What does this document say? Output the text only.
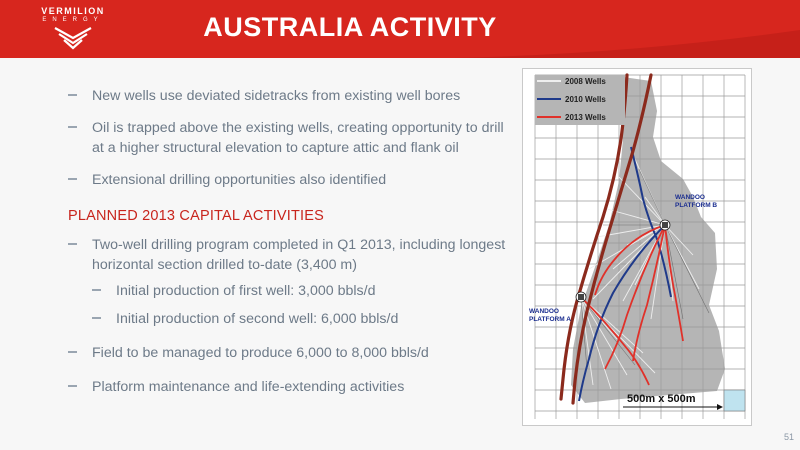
VERMILION
ENERGY	AUSTRALIA ACTIVITY
New wells use deviated sidetracks from existing well bores
Oil is trapped above the existing wells, creating opportunity to drill at a higher structural elevation to capture attic and flank oil
Extensional drilling opportunities also identified
PLANNED 2013 CAPITAL ACTIVITIES
Two-well drilling program completed in Q1 2013, including longest horizontal section drilled to-date (3,400 m)
Initial production of first well: 3,000 bbls/d
Initial production of second well: 6,000 bbls/d
Field to be managed to produce 6,000 to 8,000 bbls/d
Platform maintenance and life-extending activities
2008 Wells
2010 Wells
2013 Wells
WANDOO
PLATFORM B
WANDOO
PLATFORM A
500m x 500m
51
